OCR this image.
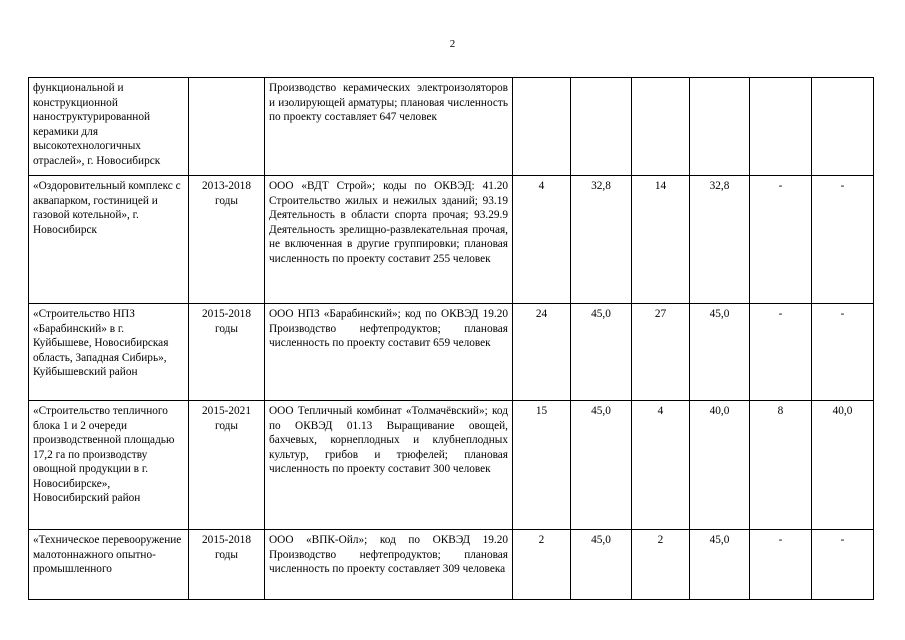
2
функциональной и конструкционной наноструктурированной керамики для высокотехнологичных отраслей», г. Новосибирск		Производство керамических электроизоляторов и изолирующей арматуры; плановая численность по проекту составляет 647 человек						
«Оздоровительный комплекс с аквапарком, гостиницей и газовой котельной», г. Новосибирск	2013-2018 годы	ООО «ВДТ Строй»; коды по ОКВЭД: 41.20 Строительство жилых и нежилых зданий; 93.19 Деятельность в области спорта прочая; 93.29.9 Деятельность зрелищно-развлекательная прочая, не включенная в другие группировки; плановая численность по проекту составит 255 человек	4	32,8	14	32,8	-	-
«Строительство НПЗ «Барабинский» в г. Куйбышеве, Новосибирская область, Западная Сибирь», Куйбышевский район	2015-2018 годы	ООО НПЗ «Барабинский»; код по ОКВЭД 19.20 Производство нефтепродуктов; плановая численность по проекту составит 659 человек	24	45,0	27	45,0	-	-
«Строительство тепличного блока 1 и 2 очереди производственной площадью 17,2 га по производству овощной продукции в г. Новосибирске», Новосибирский район	2015-2021 годы	ООО Тепличный комбинат «Толмачёвский»; код по ОКВЭД 01.13 Выращивание овощей, бахчевых, корнеплодных и клубнеплодных культур, грибов и трюфелей; плановая численность по проекту составит 300 человек	15	45,0	4	40,0	8	40,0
«Техническое перевооружение малотоннажного опытно-промышленного	2015-2018 годы	ООО «ВПК-Ойл»; код по ОКВЭД 19.20 Производство нефтепродуктов; плановая численность по проекту составляет 309 человека	2	45,0	2	45,0	-	-
